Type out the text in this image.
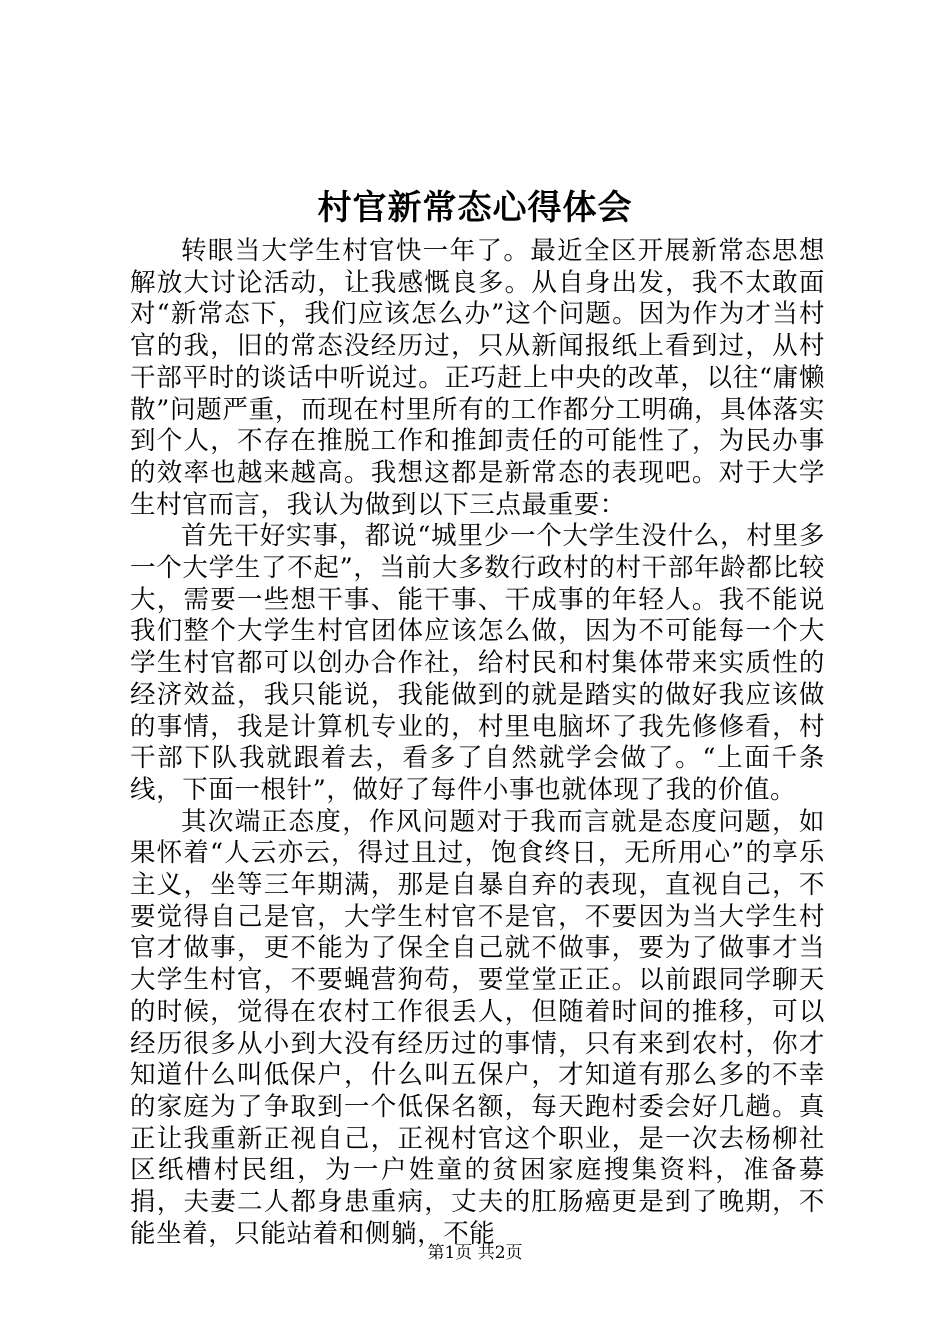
村官新常态心得体会

转眼当大学生村官快一年了。最近全区开展新常态思想解放大讨论活动，让我感慨良多。从自身出发，我不太敢面对“新常态下，我们应该怎么办”这个问题。因为作为才当村官的我，旧的常态没经历过，只从新闻报纸上看到过，从村干部平时的谈话中听说过。正巧赶上中央的改革，以往“庸懒散”问题严重，而现在村里所有的工作都分工明确，具体落实到个人，不存在推脱工作和推卸责任的可能性了，为民办事的效率也越来越高。我想这都是新常态的表现吧。对于大学生村官而言，我认为做到以下三点最重要：

首先干好实事，都说“城里少一个大学生没什么，村里多一个大学生了不起”，当前大多数行政村的村干部年龄都比较大，需要一些想干事、能干事、干成事的年轻人。我不能说我们整个大学生村官团体应该怎么做，因为不可能每一个大学生村官都可以创办合作社，给村民和村集体带来实质性的经济效益，我只能说，我能做到的就是踏实的做好我应该做的事情，我是计算机专业的，村里电脑坏了我先修修看，村干部下队我就跟着去，看多了自然就学会做了。“上面千条线，下面一根针”，做好了每件小事也就体现了我的价值。

其次端正态度，作风问题对于我而言就是态度问题，如果怀着“人云亦云，得过且过，饱食终日，无所用心”的享乐主义，坐等三年期满，那是自暴自弃的表现，直视自己，不要觉得自己是官，大学生村官不是官，不要因为当大学生村官才做事，更不能为了保全自己就不做事，要为了做事才当大学生村官，不要蝇营狗苟，要堂堂正正。以前跟同学聊天的时候，觉得在农村工作很丢人，但随着时间的推移，可以经历很多从小到大没有经历过的事情，只有来到农村，你才知道什么叫低保户，什么叫五保户，才知道有那么多的不幸的家庭为了争取到一个低保名额，每天跑村委会好几趟。真正让我重新正视自己，正视村官这个职业，是一次去杨柳社区纸槽村民组，为一户姓童的贫困家庭搜集资料，准备募捐，夫妻二人都身患重病，丈夫的肛肠癌更是到了晚期，不能坐着，只能站着和侧躺，不能

第1页 共2页
